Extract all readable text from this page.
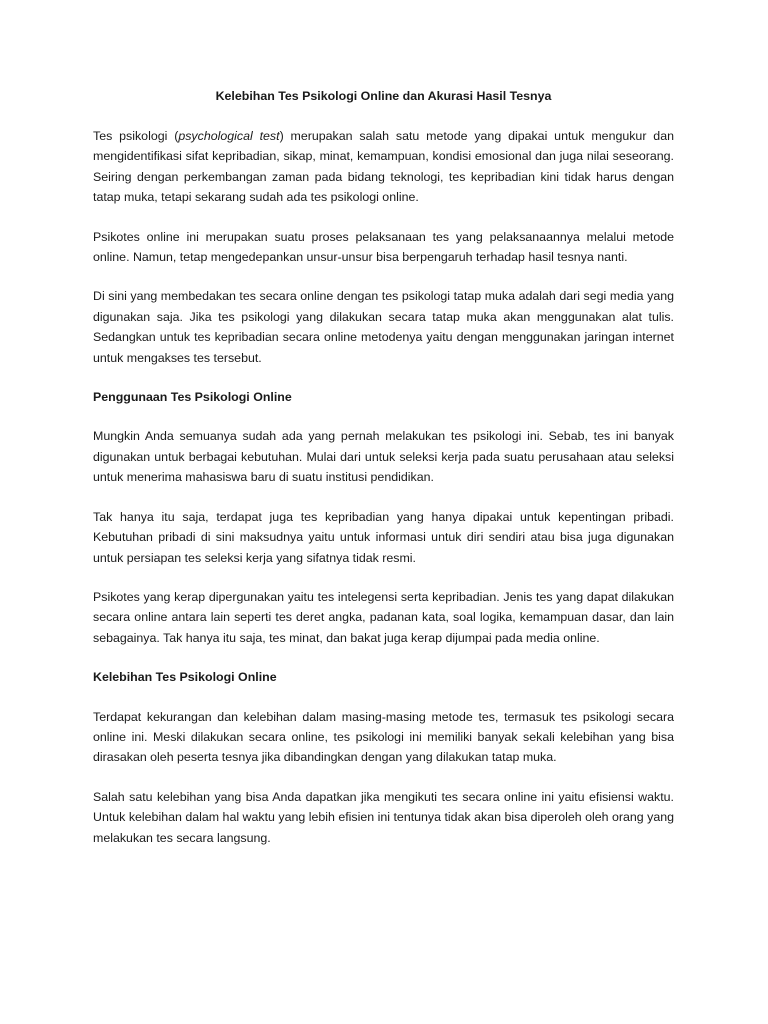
Kelebihan Tes Psikologi Online dan Akurasi Hasil Tesnya

Tes psikologi (psychological test) merupakan salah satu metode yang dipakai untuk mengukur dan mengidentifikasi sifat kepribadian, sikap, minat, kemampuan, kondisi emosional dan juga nilai seseorang. Seiring dengan perkembangan zaman pada bidang teknologi, tes kepribadian kini tidak harus dengan tatap muka, tetapi sekarang sudah ada tes psikologi online.

Psikotes online ini merupakan suatu proses pelaksanaan tes yang pelaksanaannya melalui metode online. Namun, tetap mengedepankan unsur-unsur bisa berpengaruh terhadap hasil tesnya nanti.

Di sini yang membedakan tes secara online dengan tes psikologi tatap muka adalah dari segi media yang digunakan saja. Jika tes psikologi yang dilakukan secara tatap muka akan menggunakan alat tulis. Sedangkan untuk tes kepribadian secara online metodenya yaitu dengan menggunakan jaringan internet untuk mengakses tes tersebut.

Penggunaan Tes Psikologi Online

Mungkin Anda semuanya sudah ada yang pernah melakukan tes psikologi ini. Sebab, tes ini banyak digunakan untuk berbagai kebutuhan. Mulai dari untuk seleksi kerja pada suatu perusahaan atau seleksi untuk menerima mahasiswa baru di suatu institusi pendidikan.

Tak hanya itu saja, terdapat juga tes kepribadian yang hanya dipakai untuk kepentingan pribadi. Kebutuhan pribadi di sini maksudnya yaitu untuk informasi untuk diri sendiri atau bisa juga digunakan untuk persiapan tes seleksi kerja yang sifatnya tidak resmi.

Psikotes yang kerap dipergunakan yaitu tes intelegensi serta kepribadian. Jenis tes yang dapat dilakukan secara online antara lain seperti tes deret angka, padanan kata, soal logika, kemampuan dasar, dan lain sebagainya. Tak hanya itu saja, tes minat, dan bakat juga kerap dijumpai pada media online.

Kelebihan Tes Psikologi Online

Terdapat kekurangan dan kelebihan dalam masing-masing metode tes, termasuk tes psikologi secara online ini. Meski dilakukan secara online, tes psikologi ini memiliki banyak sekali kelebihan yang bisa dirasakan oleh peserta tesnya jika dibandingkan dengan yang dilakukan tatap muka.

Salah satu kelebihan yang bisa Anda dapatkan jika mengikuti tes secara online ini yaitu efisiensi waktu. Untuk kelebihan dalam hal waktu yang lebih efisien ini tentunya tidak akan bisa diperoleh oleh orang yang melakukan tes secara langsung.
